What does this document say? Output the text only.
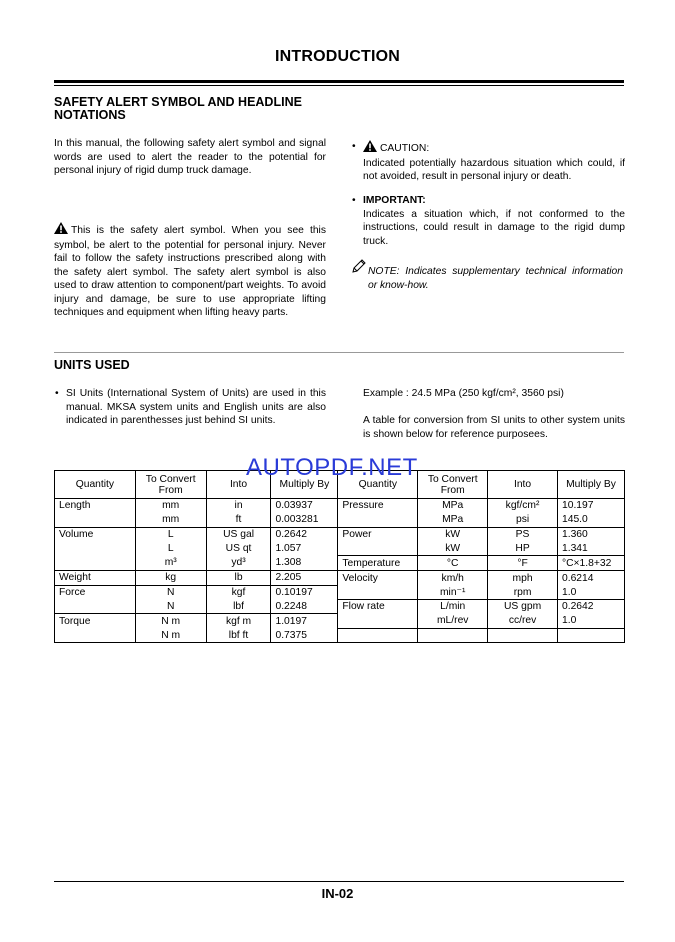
INTRODUCTION
SAFETY ALERT SYMBOL AND HEADLINE NOTATIONS
In this manual, the following safety alert symbol and signal words are used to alert the reader to the potential for personal injury of rigid dump truck damage.
This is the safety alert symbol. When you see this symbol, be alert to the potential for personal injury. Never fail to follow the safety instructions prescribed along with the safety alert symbol. The safety alert symbol is also used to draw attention to component/part weights. To avoid injury and damage, be sure to use appropriate lifting techniques and equipment when lifting heavy parts.
• CAUTION:
Indicated potentially hazardous situation which could, if not avoided, result in personal injury or death.
• IMPORTANT:
Indicates a situation which, if not conformed to the instructions, could result in damage to the rigid dump truck.
NOTE: Indicates supplementary technical information or know-how.
UNITS USED
• SI Units (International System of Units) are used in this manual. MKSA system units and English units are also indicated in parenthesses just behind SI units.
Example : 24.5 MPa (250 kgf/cm², 3560 psi)
A table for conversion from SI units to other system units is shown below for reference purposees.
Quantity	To Convert From	Into	Multiply By	Quantity	To Convert From	Into	Multiply By
Length	mm	in	0.03937	Pressure	MPa	kgf/cm²	10.197
	mm	ft	0.003281		MPa	psi	145.0
Volume	L	US gal	0.2642	Power	kW	PS	1.360
	L	US qt	1.057		kW	HP	1.341
	m³	yd³	1.308	Temperature	°C	°F	°C×1.8+32
Weight	kg	lb	2.205	Velocity	km/h	mph	0.6214
Force	N	kgf	0.10197		min⁻¹	rpm	1.0
	N	lbf	0.2248	Flow rate	L/min	US gpm	0.2642
Torque	N m	kgf m	1.0197		mL/rev	cc/rev	1.0
	N m	lbf ft	0.7375				
AUTOPDF.NET
IN-02
